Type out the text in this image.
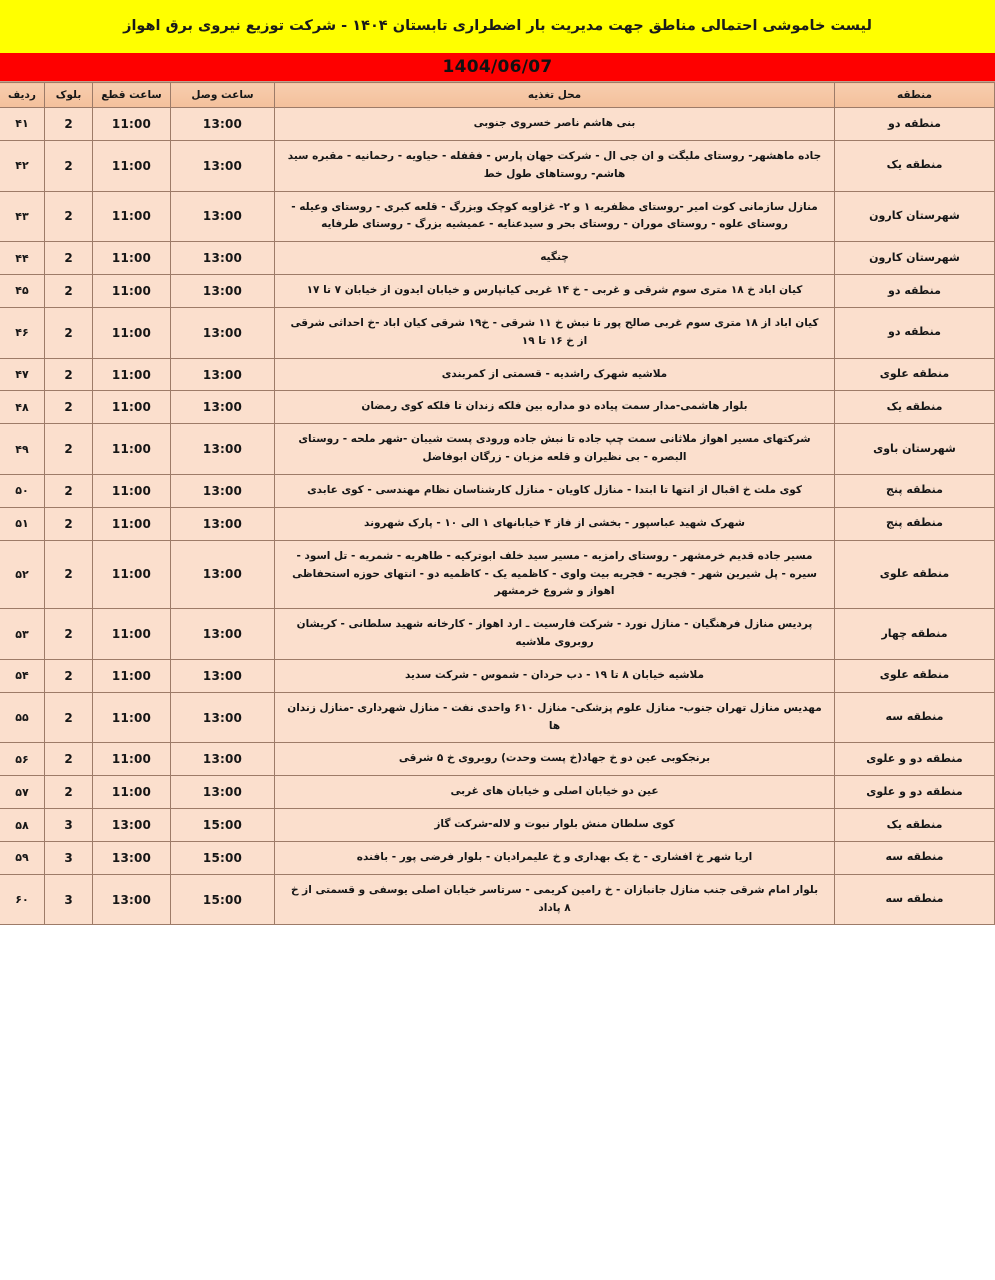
لیست خاموشی احتمالی مناطق جهت مدیریت بار اضطراری تابستان ۱۴۰۴ - شرکت توزیع نیروی برق اهواز
1404/06/07
منطقه	محل تغذیه	ساعت وصل	ساعت قطع	بلوک	ردیف
منطقه دو	بنی هاشم ناصر خسروی جنوبی	13:00	11:00	2	۴۱
منطقه یک	جاده ماهشهر- روستای ملیگت و ان جی ال - شرکت جهان پارس - فقفله - حیاویه - رحمانیه - مقبره سید هاشم- روستاهای طول خط	13:00	11:00	2	۴۲
شهرستان کارون	منازل سازمانی کوت امیر -روستای مظفریه ۱ و ۲- غزاویه کوچک وبزرگ - قلعه کبری - روستای وعیله - روستای علوه - روستای موران - روستای بحر و سیدعنایه - عمیشیه بزرگ - روستای طرفایه	13:00	11:00	2	۴۳
شهرستان کارون	چنگیه	13:00	11:00	2	۴۴
منطقه دو	کیان اباد خ ۱۸ متری سوم شرقی و غربی - خ ۱۴ غربی کیانپارس و خیابان ایدون از خیابان ۷ تا ۱۷	13:00	11:00	2	۴۵
منطقه دو	کیان اباد از ۱۸ متری سوم غربی صالح پور تا نبش خ ۱۱ شرقی - خ۱۹ شرقی کیان اباد -خ احداثی شرقی از خ ۱۶ تا ۱۹	13:00	11:00	2	۴۶
منطقه علوی	ملاشیه شهرک راشدیه - قسمتی از کمربندی	13:00	11:00	2	۴۷
منطقه یک	بلوار هاشمی-مدار سمت پیاده دو مداره بین فلکه زندان تا فلکه کوی رمضان	13:00	11:00	2	۴۸
شهرستان باوی	شرکتهای مسیر اهواز ملاثانی سمت چپ جاده تا نبش جاده ورودی پست شیبان -شهر ملحه - روستای البصره - بی نظیران و قلعه مزبان - زرگان ابوفاضل	13:00	11:00	2	۴۹
منطقه پنج	کوی ملت خ اقبال از انتها تا ابتدا - منازل کاویان - منازل کارشناسان نظام مهندسی - کوی عابدی	13:00	11:00	2	۵۰
منطقه پنج	شهرک شهید عباسپور - بخشی از فاز ۴ خیابانهای ۱ الی ۱۰ - پارک شهروند	13:00	11:00	2	۵۱
منطقه علوی	مسیر جاده قدیم خرمشهر - روستای رامزیه - مسیر سید خلف ابوترکیه - طاهریه - شمریه - تل اسود - سیره - پل شیرین شهر - فجریه - فجریه بیت واوی - کاظمیه یک - کاظمیه دو - انتهای حوزه استحفاظی اهواز و شروع خرمشهر	13:00	11:00	2	۵۲
منطقه چهار	پردیس منازل فرهنگیان - منازل نورد - شرکت فارسیت ـ ارد اهواز - کارخانه شهید سلطانی - کریشان روبروی ملاشیه	13:00	11:00	2	۵۳
منطقه علوی	ملاشیه خیابان ۸ تا ۱۹ - دب حردان - شموس - شرکت سدید	13:00	11:00	2	۵۴
منطقه سه	مهدیس منازل تهران جنوب- منازل علوم پزشکی- منازل ۶۱۰ واحدی نفت - منازل شهرداری -منازل زندان ها	13:00	11:00	2	۵۵
منطقه دو و علوی	برنجکوبی عین دو خ جهاد(خ پست وحدت) روبروی خ ۵ شرقی	13:00	11:00	2	۵۶
منطقه دو و علوی	عین دو خیابان اصلی و خیابان های غربی	13:00	11:00	2	۵۷
منطقه یک	کوی سلطان منش بلوار نبوت و لاله-شرکت گاز	15:00	13:00	3	۵۸
منطقه سه	اریا شهر خ افشاری - خ یک بهداری و خ علیمرادیان - بلوار فرضی پور - بافنده	15:00	13:00	3	۵۹
منطقه سه	بلوار امام شرقی جنب منازل جانبازان - خ رامین کریمی - سرتاسر خیابان اصلی یوسفی و قسمتی از خ ۸ پاداد	15:00	13:00	3	۶۰
